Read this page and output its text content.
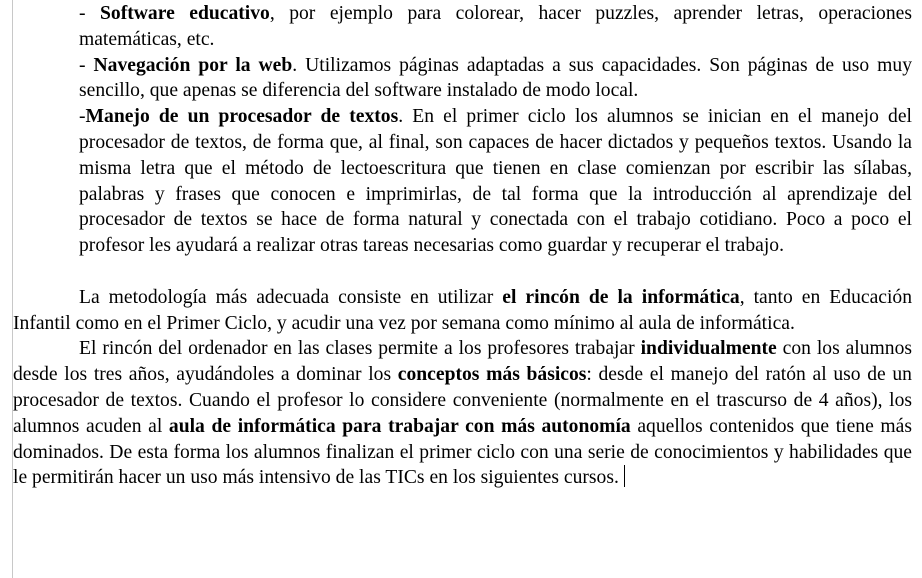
- Software educativo, por ejemplo para colorear, hacer puzzles, aprender letras, operaciones matemáticas, etc.

- Navegación por la web. Utilizamos páginas adaptadas a sus capacidades. Son páginas de uso muy sencillo, que apenas se diferencia del software instalado de modo local.

-Manejo de un procesador de textos. En el primer ciclo los alumnos se inician en el manejo del procesador de textos, de forma que, al final, son capaces de hacer dictados y pequeños textos. Usando la misma letra que el método de lectoescritura que tienen en clase comienzan por escribir las sílabas, palabras y frases que conocen e imprimirlas, de tal forma que la introducción al aprendizaje del procesador de textos se hace de forma natural y conectada con el trabajo cotidiano. Poco a poco el profesor les ayudará a realizar otras tareas necesarias como guardar y recuperar el trabajo.

La metodología más adecuada consiste en utilizar el rincón de la informática, tanto en Educación Infantil como en el Primer Ciclo, y acudir una vez por semana como mínimo al aula de informática.

El rincón del ordenador en las clases permite a los profesores trabajar individualmente con los alumnos desde los tres años, ayudándoles a dominar los conceptos más básicos: desde el manejo del ratón al uso de un procesador de textos. Cuando el profesor lo considere conveniente (normalmente en el trascurso de 4 años), los alumnos acuden al aula de informática para trabajar con más autonomía aquellos contenidos que tiene más dominados. De esta forma los alumnos finalizan el primer ciclo con una serie de conocimientos y habilidades que le permitirán hacer un uso más intensivo de las TICs en los siguientes cursos.
